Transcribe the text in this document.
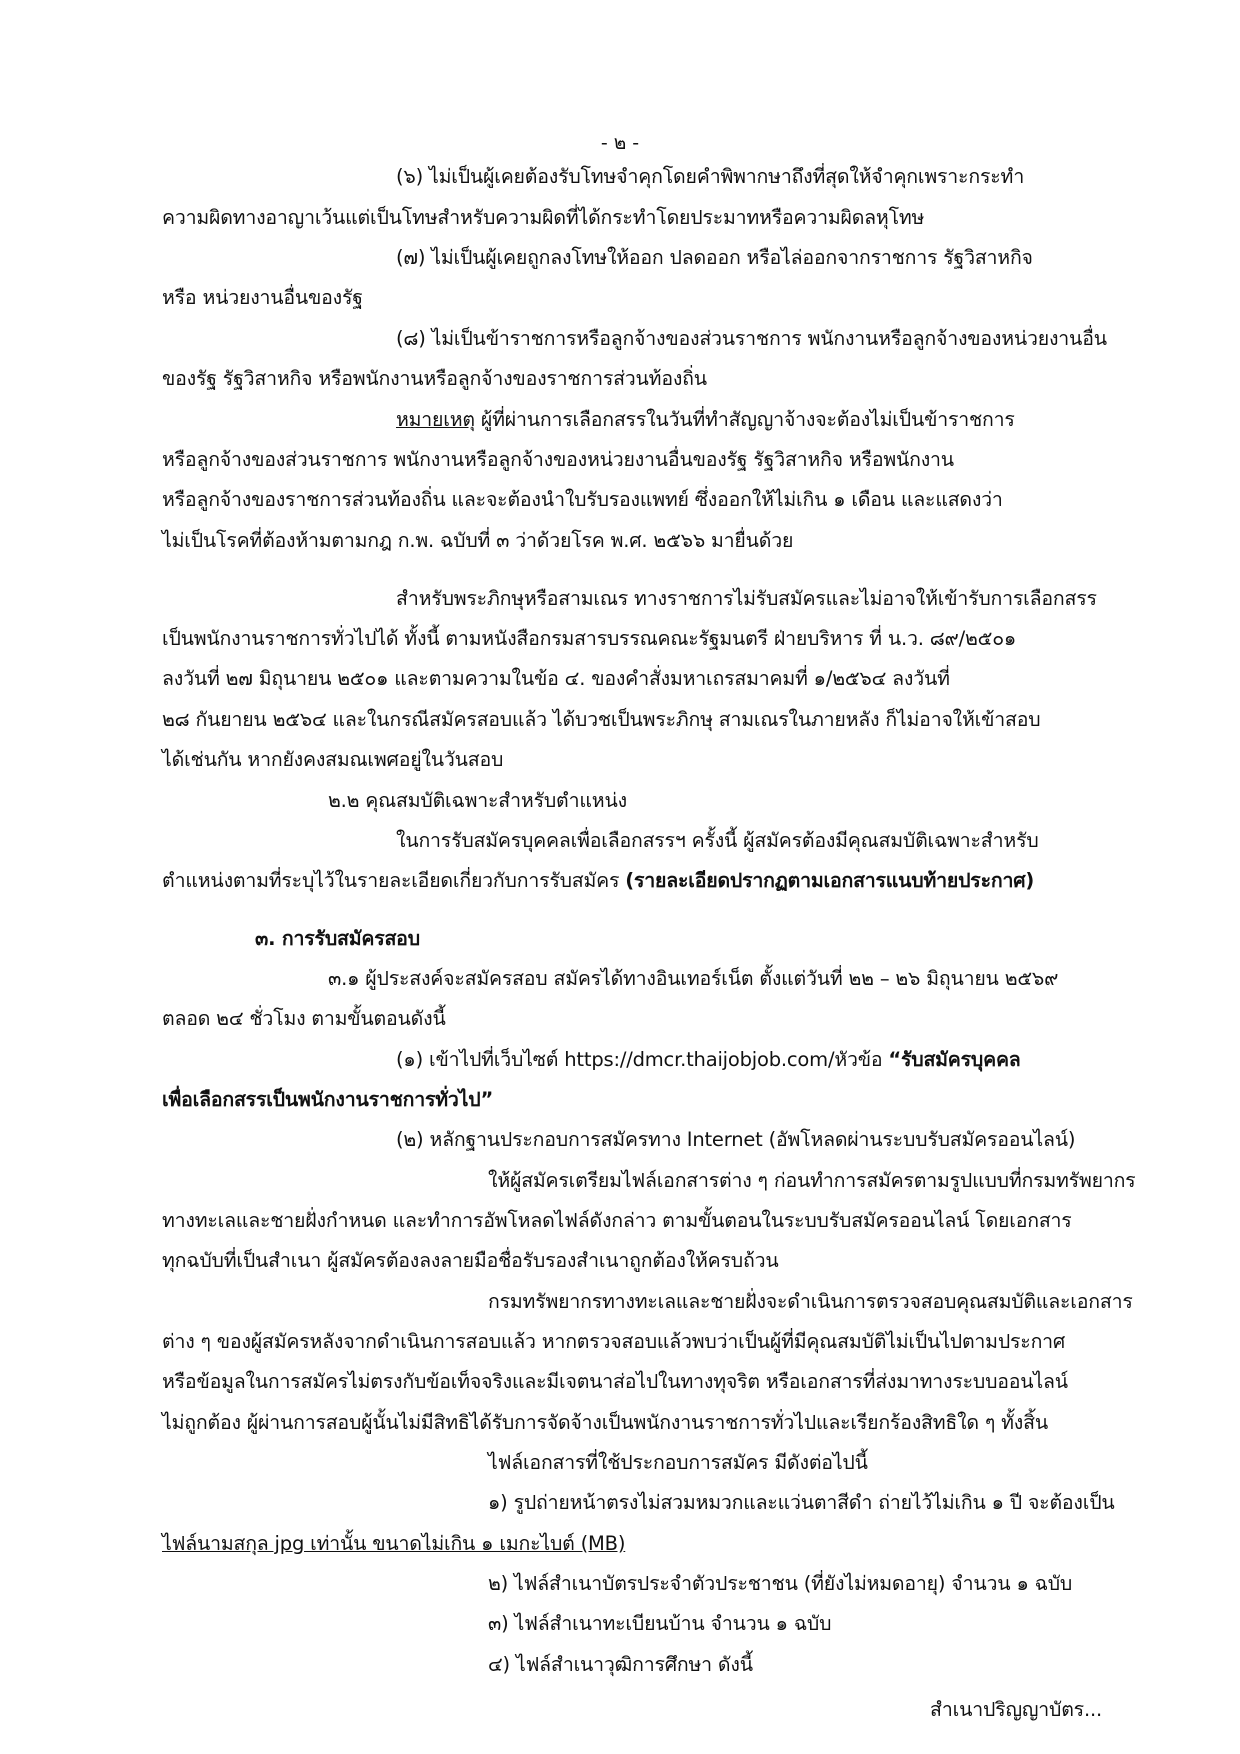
- ๒ -
(๖) ไม่เป็นผู้เคยต้องรับโทษจำคุกโดยคำพิพากษาถึงที่สุดให้จำคุกเพราะกระทำ
ความผิดทางอาญาเว้นแต่เป็นโทษสำหรับความผิดที่ได้กระทำโดยประมาทหรือความผิดลหุโทษ
(๗) ไม่เป็นผู้เคยถูกลงโทษให้ออก ปลดออก หรือไล่ออกจากราชการ รัฐวิสาหกิจ
หรือ หน่วยงานอื่นของรัฐ
(๘) ไม่เป็นข้าราชการหรือลูกจ้างของส่วนราชการ พนักงานหรือลูกจ้างของหน่วยงานอื่น
ของรัฐ รัฐวิสาหกิจ หรือพนักงานหรือลูกจ้างของราชการส่วนท้องถิ่น
หมายเหตุ ผู้ที่ผ่านการเลือกสรรในวันที่ทำสัญญาจ้างจะต้องไม่เป็นข้าราชการ
หรือลูกจ้างของส่วนราชการ พนักงานหรือลูกจ้างของหน่วยงานอื่นของรัฐ รัฐวิสาหกิจ หรือพนักงาน
หรือลูกจ้างของราชการส่วนท้องถิ่น และจะต้องนำใบรับรองแพทย์ ซึ่งออกให้ไม่เกิน ๑ เดือน และแสดงว่า
ไม่เป็นโรคที่ต้องห้ามตามกฎ ก.พ. ฉบับที่ ๓ ว่าด้วยโรค พ.ศ. ๒๕๖๖ มายื่นด้วย
สำหรับพระภิกษุหรือสามเณร ทางราชการไม่รับสมัครและไม่อาจให้เข้ารับการเลือกสรร
เป็นพนักงานราชการทั่วไปได้ ทั้งนี้ ตามหนังสือกรมสารบรรณคณะรัฐมนตรี ฝ่ายบริหาร ที่ น.ว. ๘๙/๒๕๐๑
ลงวันที่ ๒๗ มิถุนายน ๒๕๐๑ และตามความในข้อ ๔. ของคำสั่งมหาเถรสมาคมที่ ๑/๒๕๖๔ ลงวันที่
๒๘ กันยายน ๒๕๖๔ และในกรณีสมัครสอบแล้ว ได้บวชเป็นพระภิกษุ สามเณรในภายหลัง ก็ไม่อาจให้เข้าสอบ
ได้เช่นกัน หากยังคงสมณเพศอยู่ในวันสอบ
๒.๒ คุณสมบัติเฉพาะสำหรับตำแหน่ง
ในการรับสมัครบุคคลเพื่อเลือกสรรฯ ครั้งนี้ ผู้สมัครต้องมีคุณสมบัติเฉพาะสำหรับ
ตำแหน่งตามที่ระบุไว้ในรายละเอียดเกี่ยวกับการรับสมัคร (รายละเอียดปรากฏตามเอกสารแนบท้ายประกาศ)
๓. การรับสมัครสอบ
๓.๑ ผู้ประสงค์จะสมัครสอบ สมัครได้ทางอินเทอร์เน็ต ตั้งแต่วันที่ ๒๒ – ๒๖ มิถุนายน ๒๕๖๙
ตลอด ๒๔ ชั่วโมง ตามขั้นตอนดังนี้
(๑) เข้าไปที่เว็บไซต์ https://dmcr.thaijobjob.com/หัวข้อ “รับสมัครบุคคล
เพื่อเลือกสรรเป็นพนักงานราชการทั่วไป”
(๒) หลักฐานประกอบการสมัครทาง Internet (อัพโหลดผ่านระบบรับสมัครออนไลน์)
ให้ผู้สมัครเตรียมไฟล์เอกสารต่าง ๆ ก่อนทำการสมัครตามรูปแบบที่กรมทรัพยากร
ทางทะเลและชายฝั่งกำหนด และทำการอัพโหลดไฟล์ดังกล่าว ตามขั้นตอนในระบบรับสมัครออนไลน์ โดยเอกสาร
ทุกฉบับที่เป็นสำเนา ผู้สมัครต้องลงลายมือชื่อรับรองสำเนาถูกต้องให้ครบถ้วน
กรมทรัพยากรทางทะเลและชายฝั่งจะดำเนินการตรวจสอบคุณสมบัติและเอกสาร
ต่าง ๆ ของผู้สมัครหลังจากดำเนินการสอบแล้ว หากตรวจสอบแล้วพบว่าเป็นผู้ที่มีคุณสมบัติไม่เป็นไปตามประกาศ
หรือข้อมูลในการสมัครไม่ตรงกับข้อเท็จจริงและมีเจตนาส่อไปในทางทุจริต หรือเอกสารที่ส่งมาทางระบบออนไลน์
ไม่ถูกต้อง ผู้ผ่านการสอบผู้นั้นไม่มีสิทธิได้รับการจัดจ้างเป็นพนักงานราชการทั่วไปและเรียกร้องสิทธิใด ๆ ทั้งสิ้น
ไฟล์เอกสารที่ใช้ประกอบการสมัคร มีดังต่อไปนี้
๑) รูปถ่ายหน้าตรงไม่สวมหมวกและแว่นตาสีดำ ถ่ายไว้ไม่เกิน ๑ ปี จะต้องเป็น
ไฟล์นามสกุล jpg เท่านั้น ขนาดไม่เกิน ๑ เมกะไบต์ (MB)
๒) ไฟล์สำเนาบัตรประจำตัวประชาชน (ที่ยังไม่หมดอายุ) จำนวน ๑ ฉบับ
๓) ไฟล์สำเนาทะเบียนบ้าน จำนวน ๑ ฉบับ
๔) ไฟล์สำเนาวุฒิการศึกษา ดังนี้
สำเนาปริญญาบัตร...
